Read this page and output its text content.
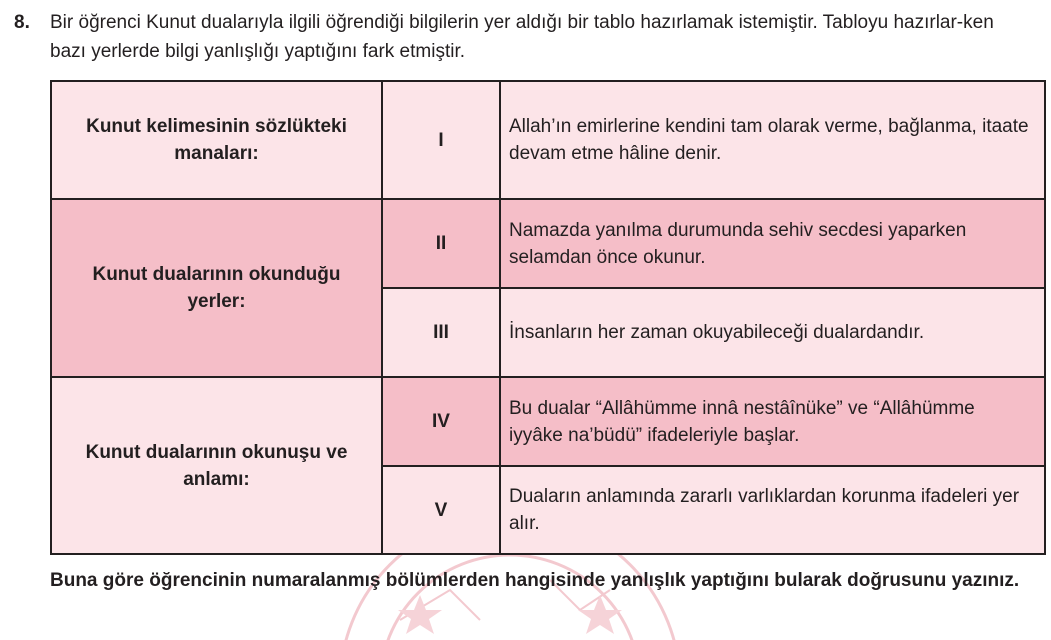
8. Bir öğrenci Kunut dualarıyla ilgili öğrendiği bilgilerin yer aldığı bir tablo hazırlamak istemiştir. Tabloyu hazırlar-ken bazı yerlerde bilgi yanlışlığı yaptığını fark etmiştir.
Kunut kelimesinin sözlükteki manaları:	I	Allah’ın emirlerine kendini tam olarak verme, bağlanma, itaate devam etme hâline denir.
Kunut dualarının okunduğu yerler:	II	Namazda yanılma durumunda sehiv secdesi yaparken selamdan önce okunur.
	III	İnsanların her zaman okuyabileceği dualardandır.
Kunut dualarının okunuşu ve anlamı:	IV	Bu dualar “Allâhümme innâ nestâînüke” ve “Allâhümme iyyâke na’büdü” ifadeleriyle başlar.
	V	Duaların anlamında zararlı varlıklardan korunma ifadeleri yer alır.
Buna göre öğrencinin numaralanmış bölümlerden hangisinde yanlışlık yaptığını bularak doğrusunu yazınız.
